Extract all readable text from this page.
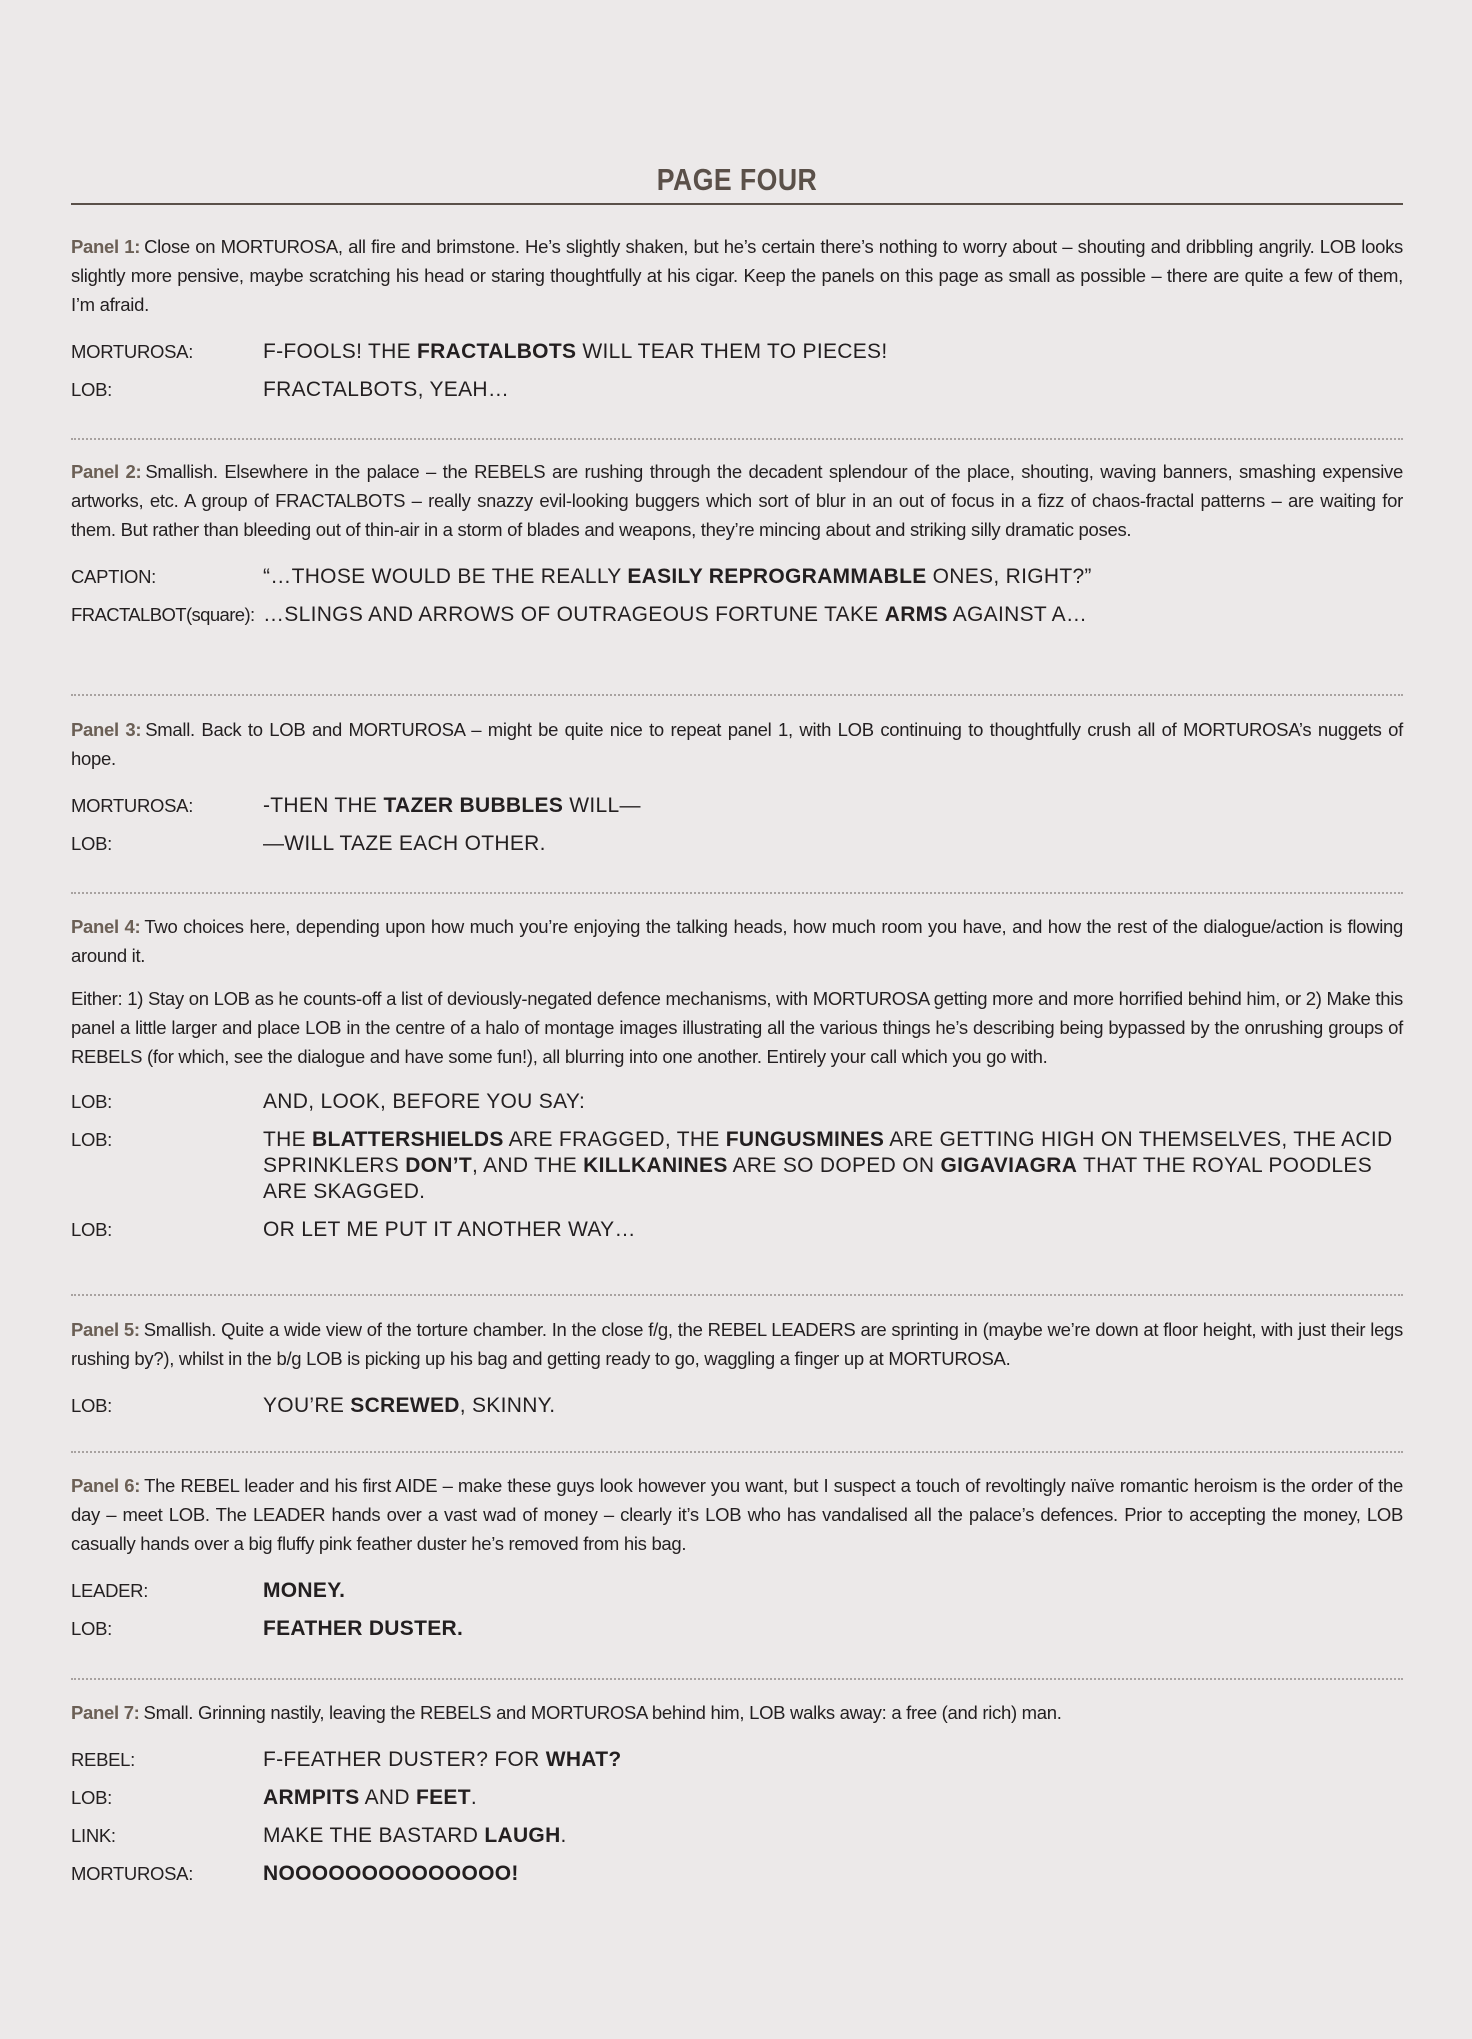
PAGE FOUR

Panel 1: Close on MORTUROSA, all fire and brimstone. He’s slightly shaken, but he’s certain there’s nothing to worry about – shouting and dribbling angrily. LOB looks slightly more pensive, maybe scratching his head or staring thoughtfully at his cigar. Keep the panels on this page as small as possible – there are quite a few of them, I’m afraid.

MORTUROSA:	F-FOOLS! THE FRACTALBOTS WILL TEAR THEM TO PIECES!
LOB:	FRACTALBOTS, YEAH…

Panel 2: Smallish. Elsewhere in the palace – the REBELS are rushing through the decadent splendour of the place, shouting, waving banners, smashing expensive artworks, etc. A group of FRACTALBOTS – really snazzy evil-looking buggers which sort of blur in an out of focus in a fizz of chaos-fractal patterns – are waiting for them. But rather than bleeding out of thin-air in a storm of blades and weapons, they’re mincing about and striking silly dramatic poses.

CAPTION:	“…THOSE WOULD BE THE REALLY EASILY REPROGRAMMABLE ONES, RIGHT?”
FRACTALBOT(square): …SLINGS AND ARROWS OF OUTRAGEOUS FORTUNE TAKE ARMS AGAINST A…

Panel 3: Small. Back to LOB and MORTUROSA – might be quite nice to repeat panel 1, with LOB continuing to thoughtfully crush all of MORTUROSA’s nuggets of hope.

MORTUROSA:	-THEN THE TAZER BUBBLES WILL—
LOB:	—WILL TAZE EACH OTHER.

Panel 4: Two choices here, depending upon how much you’re enjoying the talking heads, how much room you have, and how the rest of the dialogue/action is flowing around it.

Either: 1) Stay on LOB as he counts-off a list of deviously-negated defence mechanisms, with MORTUROSA getting more and more horrified behind him, or 2) Make this panel a little larger and place LOB in the centre of a halo of montage images illustrating all the various things he’s describing being bypassed by the onrushing groups of REBELS (for which, see the dialogue and have some fun!), all blurring into one another. Entirely your call which you go with.

LOB:	AND, LOOK, BEFORE YOU SAY:
LOB:	THE BLATTERSHIELDS ARE FRAGGED, THE FUNGUSMINES ARE GETTING HIGH ON THEMSELVES, THE ACID SPRINKLERS DON’T, AND THE KILLKANINES ARE SO DOPED ON GIGAVIAGRA THAT THE ROYAL POODLES ARE SKAGGED.
LOB:	OR LET ME PUT IT ANOTHER WAY…

Panel 5: Smallish. Quite a wide view of the torture chamber. In the close f/g, the REBEL LEADERS are sprinting in (maybe we’re down at floor height, with just their legs rushing by?), whilst in the b/g LOB is picking up his bag and getting ready to go, waggling a finger up at MORTUROSA.

LOB:	YOU’RE SCREWED, SKINNY.

Panel 6: The REBEL leader and his first AIDE – make these guys look however you want, but I suspect a touch of revoltingly naïve romantic heroism is the order of the day – meet LOB. The LEADER hands over a vast wad of money – clearly it’s LOB who has vandalised all the palace’s defences. Prior to accepting the money, LOB casually hands over a big fluffy pink feather duster he’s removed from his bag.

LEADER:	MONEY.
LOB:	FEATHER DUSTER.

Panel 7: Small. Grinning nastily, leaving the REBELS and MORTUROSA behind him, LOB walks away: a free (and rich) man.

REBEL:	F-FEATHER DUSTER? FOR WHAT?
LOB:	ARMPITS AND FEET.
LINK:	MAKE THE BASTARD LAUGH.
MORTUROSA:	NOOOOOOOOOOOOOO!
